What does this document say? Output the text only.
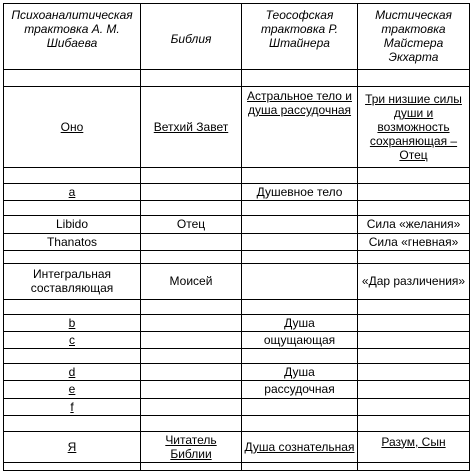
Психоаналитическая трактовка А. М. Шибаева	Библия	Теософская трактовка Р. Штайнера	Мистическая трактовка Майстера Экхарта

Оно	Ветхий Завет	Астральное тело и душа рассудочная	Три низшие силы души и возможность сохраняющая – Отец

a		Душевное тело	

Libido	Отец		Сила «желания»
Thanatos			Сила «гневная»

Интегральная составляющая	Моисей		«Дар различения»

b		Душа	
c		ощущающая	

d		Душа	
e		рассудочная	
f			

Я	Читатель Библии	Душа сознательная	Разум, Сын
